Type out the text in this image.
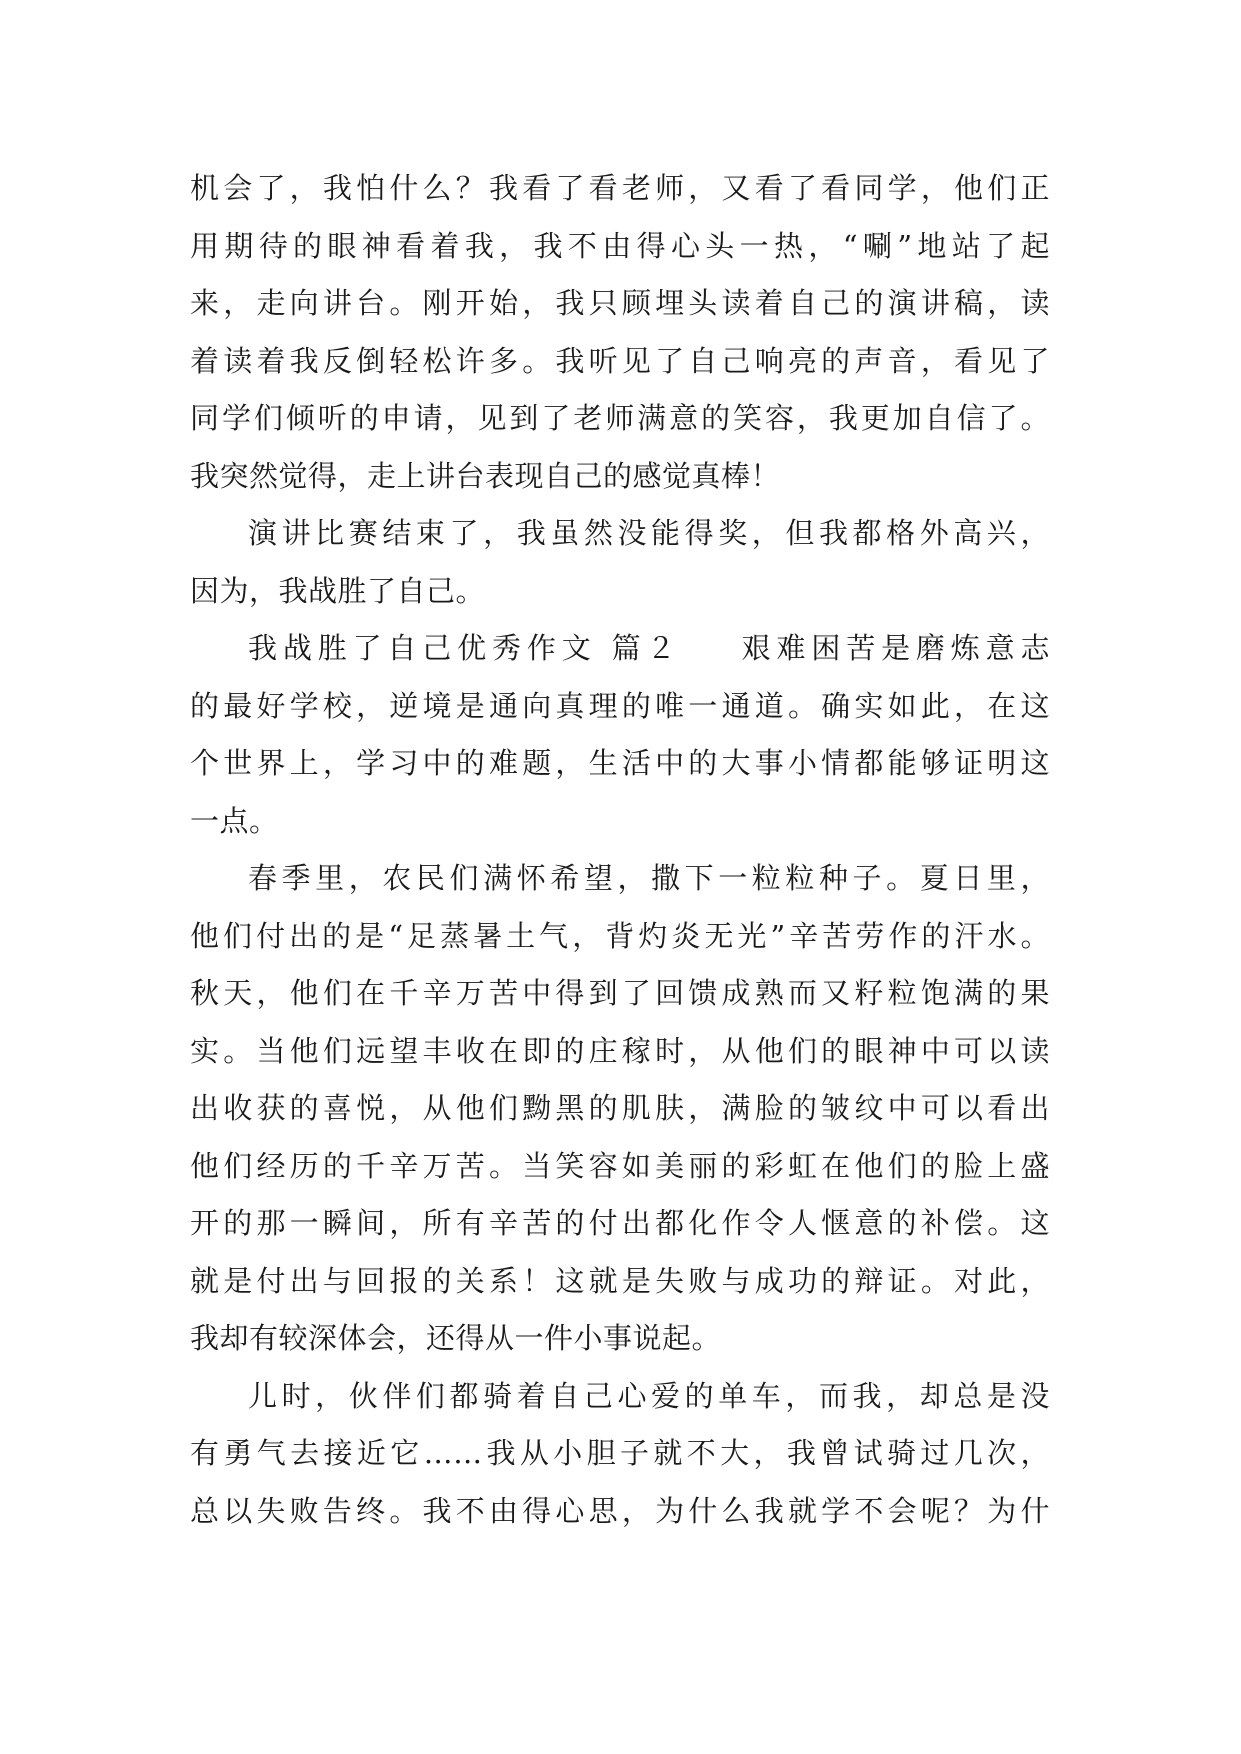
机会了，我怕什么？我看了看老师，又看了看同学，他们正
用期待的眼神看着我，我不由得心头一热，“唰”地站了起
来，走向讲台。刚开始，我只顾埋头读着自己的演讲稿，读
着读着我反倒轻松许多。我听见了自己响亮的声音，看见了
同学们倾听的申请，见到了老师满意的笑容，我更加自信了。
我突然觉得，走上讲台表现自己的感觉真棒！
演讲比赛结束了，我虽然没能得奖，但我都格外高兴，
因为，我战胜了自己。
我战胜了自己优秀作文 篇２    艰难困苦是磨炼意志
的最好学校，逆境是通向真理的唯一通道。确实如此，在这
个世界上，学习中的难题，生活中的大事小情都能够证明这
一点。
春季里，农民们满怀希望，撒下一粒粒种子。夏日里，
他们付出的是“足蒸暑土气，背灼炎无光”辛苦劳作的汗水。
秋天，他们在千辛万苦中得到了回馈成熟而又籽粒饱满的果
实。当他们远望丰收在即的庄稼时，从他们的眼神中可以读
出收获的喜悦，从他们黝黑的肌肤，满脸的皱纹中可以看出
他们经历的千辛万苦。当笑容如美丽的彩虹在他们的脸上盛
开的那一瞬间，所有辛苦的付出都化作令人惬意的补偿。这
就是付出与回报的关系！这就是失败与成功的辩证。对此，
我却有较深体会，还得从一件小事说起。
儿时，伙伴们都骑着自己心爱的单车，而我，却总是没
有勇气去接近它……我从小胆子就不大，我曾试骑过几次，
总以失败告终。我不由得心思，为什么我就学不会呢？为什
